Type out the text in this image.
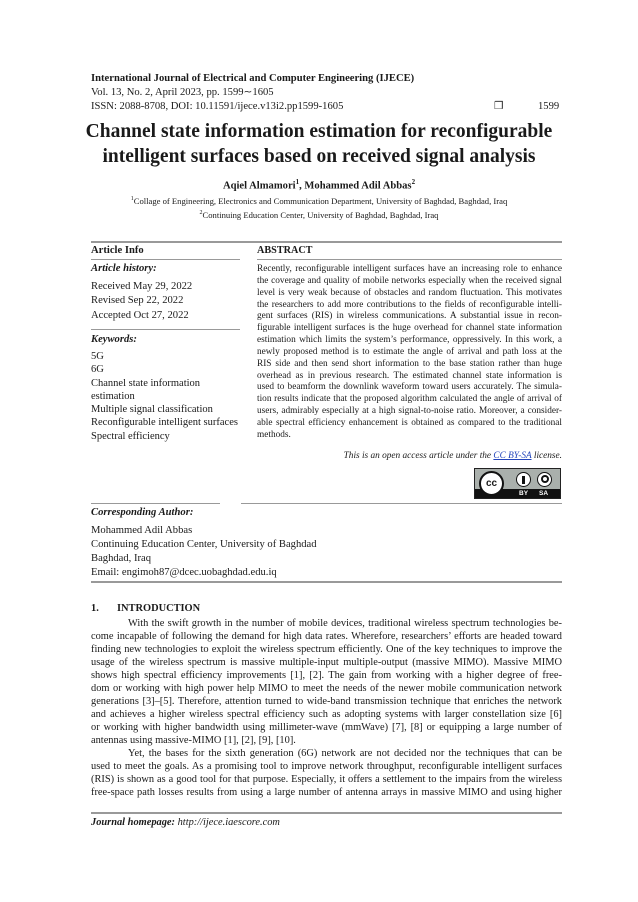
International Journal of Electrical and Computer Engineering (IJECE)
Vol. 13, No. 2, April 2023, pp. 1599∼1605
ISSN: 2088-8708, DOI: 10.11591/ijece.v13i2.pp1599-1605	❒	1599
Channel state information estimation for reconfigurable
intelligent surfaces based on received signal analysis
Aqiel Almamori$^1$, Mohammed Adil Abbas$^2$
$^1$Collage of Engineering, Electronics and Communication Department, University of Baghdad, Baghdad, Iraq
$^2$Continuing Education Center, University of Baghdad, Baghdad, Iraq
Article Info
Article history:
Received May 29, 2022
Revised Sep 22, 2022
Accepted Oct 27, 2022
Keywords:
5G
6G
Channel state information
estimation
Multiple signal classification
Reconfigurable intelligent surfaces
Spectral efficiency
ABSTRACT
Recently, reconfigurable intelligent surfaces have an increasing role to enhance
the coverage and quality of mobile networks especially when the received signal
level is very weak because of obstacles and random fluctuation. This motivates
the researchers to add more contributions to the fields of reconfigurable intelli-
gent surfaces (RIS) in wireless communications. A substantial issue in recon-
figurable intelligent surfaces is the huge overhead for channel state information
estimation which limits the system’s performance, oppressively. In this work, a
newly proposed method is to estimate the angle of arrival and path loss at the
RIS side and then send short information to the base station rather than huge
overhead as in previous research. The estimated channel state information is
used to beamform the downlink waveform toward users accurately. The simula-
tion results indicate that the proposed algorithm calculated the angle of arrival of
users, admirably especially at a high signal-to-noise ratio. Moreover, a consider-
able spectral efficiency enhancement is obtained as compared to the traditional
methods.
This is an open access article under the CC BY-SA license.
cc
BY SA
Corresponding Author:
Mohammed Adil Abbas
Continuing Education Center, University of Baghdad
Baghdad, Iraq
Email: engimoh87@dcec.uobaghdad.edu.iq
1. INTRODUCTION
With the swift growth in the number of mobile devices, traditional wireless spectrum technologies be-
come incapable of following the demand for high data rates. Wherefore, researchers’ efforts are headed toward
finding new technologies to exploit the wireless spectrum efficiently. One of the key techniques to improve the
usage of the wireless spectrum is massive multiple-input multiple-output (massive MIMO). Massive MIMO
shows high spectral efficiency improvements [1], [2]. The gain from working with a higher degree of free-
dom or working with high power help MIMO to meet the needs of the newer mobile communication network
generations [3]–[5]. Therefore, attention turned to wide-band transmission technique that enriches the network
and achieves a higher wireless spectral efficiency such as adopting systems with larger constellation size [6]
or working with higher bandwidth using millimeter-wave (mmWave) [7], [8] or equipping a large number of
antennas using massive-MIMO [1], [2], [9], [10].
Yet, the bases for the sixth generation (6G) network are not decided nor the techniques that can be
used to meet the goals. As a promising tool to improve network throughput, reconfigurable intelligent surfaces
(RIS) is shown as a good tool for that purpose. Especially, it offers a settlement to the impairs from the wireless
free-space path losses results from using a large number of antenna arrays in massive MIMO and using higher
Journal homepage: http://ijece.iaescore.com
